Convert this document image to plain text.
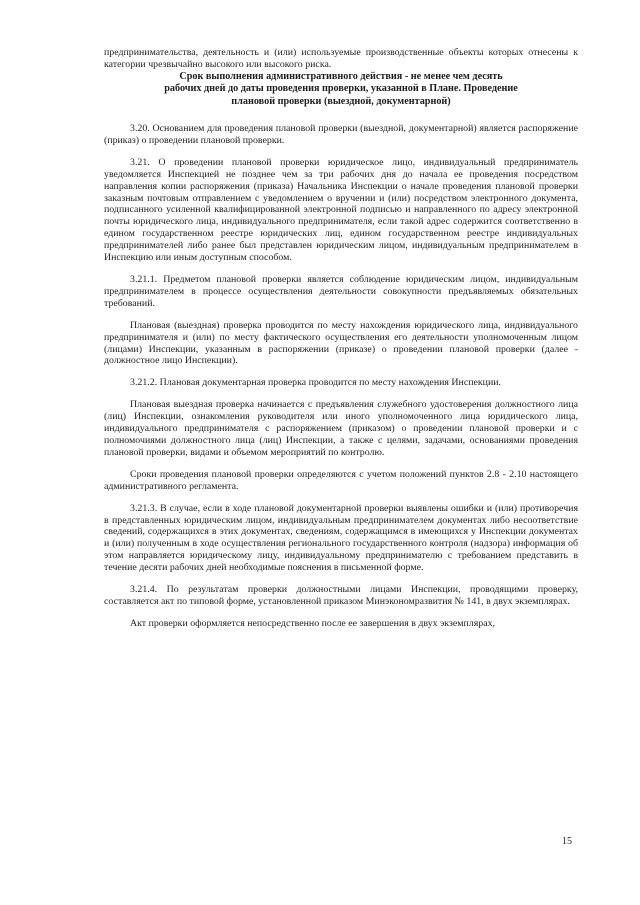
предпринимательства, деятельность и (или) используемые производственные объекты которых отнесены к категории чрезвычайно высокого или высокого риска.

Срок выполнения административного действия - не менее чем десять рабочих дней до даты проведения проверки, указанной в Плане. Проведение плановой проверки (выездной, документарной)

3.20. Основанием для проведения плановой проверки (выездной, документарной) является распоряжение (приказ) о проведении плановой проверки.

3.21. О проведении плановой проверки юридическое лицо, индивидуальный предприниматель уведомляется Инспекцией не позднее чем за три рабочих дня до начала ее проведения посредством направления копии распоряжения (приказа) Начальника Инспекции о начале проведения плановой проверки заказным почтовым отправлением с уведомлением о вручении и (или) посредством электронного документа, подписанного усиленной квалифицированной электронной подписью и направленного по адресу электронной почты юридического лица, индивидуального предпринимателя, если такой адрес содержится соответственно в едином государственном реестре юридических лиц, едином государственном реестре индивидуальных предпринимателей либо ранее был представлен юридическим лицом, индивидуальным предпринимателем в Инспекцию или иным доступным способом.

3.21.1. Предметом плановой проверки является соблюдение юридическим лицом, индивидуальным предпринимателем в процессе осуществления деятельности совокупности предъявляемых обязательных требований.

Плановая (выездная) проверка проводится по месту нахождения юридического лица, индивидуального предпринимателя и (или) по месту фактического осуществления его деятельности уполномоченным лицом (лицами) Инспекции, указанным в распоряжении (приказе) о проведении плановой проверки (далее - должностное лицо Инспекции).

3.21.2. Плановая документарная проверка проводится по месту нахождения Инспекции.

Плановая выездная проверка начинается с предъявления служебного удостоверения должностного лица (лиц) Инспекции, ознакомления руководителя или иного уполномоченного лица юридического лица, индивидуального предпринимателя с распоряжением (приказом) о проведении плановой проверки и с полномочиями должностного лица (лиц) Инспекции, а также с целями, задачами, основаниями проведения плановой проверки, видами и объемом мероприятий по контролю.

Сроки проведения плановой проверки определяются с учетом положений пунктов 2.8 - 2.10 настоящего административного регламента.

3.21.3. В случае, если в ходе плановой документарной проверки выявлены ошибки и (или) противоречия в представленных юридическим лицом, индивидуальным предпринимателем документах либо несоответствие сведений, содержащихся в этих документах, сведениям, содержащимся в имеющихся у Инспекции документах и (или) полученным в ходе осуществления регионального государственного контроля (надзора) информация об этом направляется юридическому лицу, индивидуальному предпринимателю с требованием представить в течение десяти рабочих дней необходимые пояснения в письменной форме.

3.21.4. По результатам проверки должностными лицами Инспекции, проводящими проверку, составляется акт по типовой форме, установленной приказом Минэкономразвития № 141, в двух экземплярах.

Акт проверки оформляется непосредственно после ее завершения в двух экземплярах,

15
